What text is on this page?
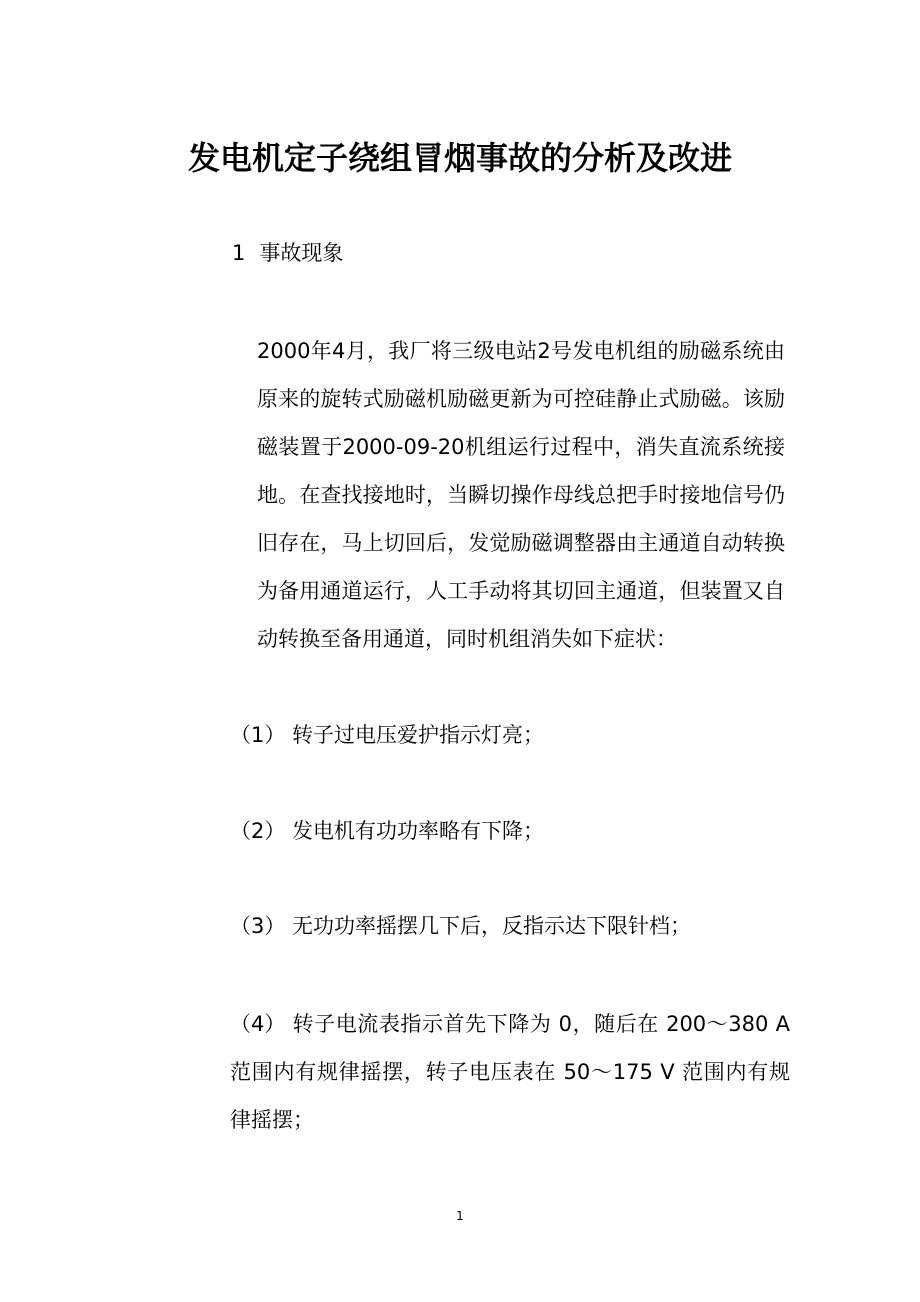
发电机定子绕组冒烟事故的分析及改进
1 事故现象
2000年4月，我厂将三级电站2号发电机组的励磁系统由原来的旋转式励磁机励磁更新为可控硅静止式励磁。该励磁装置于2000-09-20机组运行过程中，消失直流系统接地。在查找接地时，当瞬切操作母线总把手时接地信号仍旧存在，马上切回后，发觉励磁调整器由主通道自动转换为备用通道运行，人工手动将其切回主通道，但装置又自动转换至备用通道，同时机组消失如下症状：
（1） 转子过电压爱护指示灯亮；
（2） 发电机有功功率略有下降；
（3） 无功功率摇摆几下后，反指示达下限针档；
（4） 转子电流表指示首先下降为 0，随后在 200～380 A 范围内有规律摇摆，转子电压表在 50～175 V 范围内有规律摇摆；
1
